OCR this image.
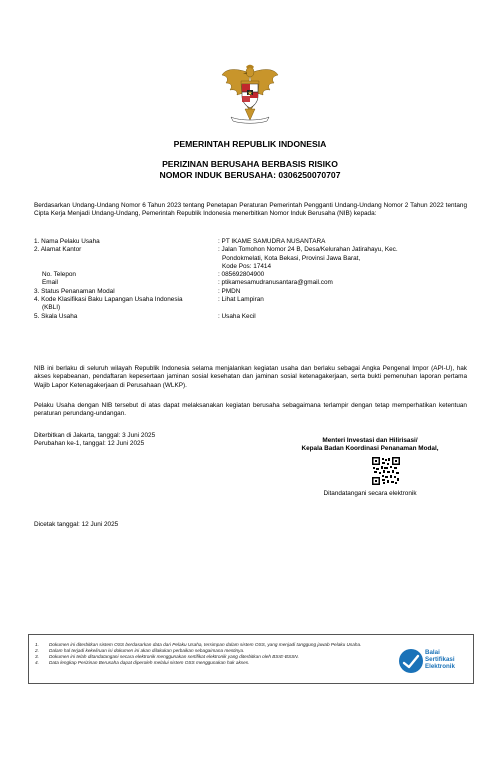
PEMERINTAH REPUBLIK INDONESIA
PERIZINAN BERUSAHA BERBASIS RISIKO
NOMOR INDUK BERUSAHA: 0306250070707
Berdasarkan Undang-Undang Nomor 6 Tahun 2023 tentang Penetapan Peraturan Pemerintah Pengganti Undang-Undang Nomor 2 Tahun 2022 tentang Cipta Kerja Menjadi Undang-Undang, Pemerintah Republik Indonesia menerbitkan Nomor Induk Berusaha (NIB) kepada:
1. Nama Pelaku Usaha	: PT IKAME SAMUDRA NUSANTARA
2. Alamat Kantor	: Jalan Tomohon Nomor 24 B, Desa/Kelurahan Jatirahayu, Kec.
Pondokmelati, Kota Bekasi, Provinsi Jawa Barat,
Kode Pos: 17414
No. Telepon	: 085692804900
Email	: ptikamesamudranusantara@gmail.com
3. Status Penanaman Modal	: PMDN
4. Kode Klasifikasi Baku Lapangan Usaha Indonesia
(KBLI)
: Lihat Lampiran
5. Skala Usaha	: Usaha Kecil
NIB ini berlaku di seluruh wilayah Republik Indonesia selama menjalankan kegiatan usaha dan berlaku sebagai Angka Pengenal Impor (API-U), hak akses kepabeanan, pendaftaran kepesertaan jaminan sosial kesehatan dan jaminan sosial ketenagakerjaan, serta bukti pemenuhan laporan pertama Wajib Lapor Ketenagakerjaan di Perusahaan (WLKP).
Pelaku Usaha dengan NIB tersebut di atas dapat melaksanakan kegiatan berusaha sebagaimana terlampir dengan tetap memperhatikan ketentuan peraturan perundang-undangan.
Diterbitkan di Jakarta, tanggal: 3 Juni 2025
Perubahan ke-1, tanggal: 12 Juni 2025	Menteri Investasi dan Hilirisasi/
Kepala Badan Koordinasi Penanaman Modal,
Ditandatangani secara elektronik
Dicetak tanggal: 12 Juni 2025
1.	Dokumen ini diterbitkan sistem OSS berdasarkan data dari Pelaku Usaha, tersimpan dalam sistem OSS, yang menjadi tanggung jawab Pelaku Usaha.
2.	Dalam hal terjadi kekeliruan isi dokumen ini akan dilakukan perbaikan sebagaimana mestinya.
3.	Dokumen ini telah ditandatangani secara elektronik menggunakan sertifikat elektronik yang diterbitkan oleh BSrE-BSSN.
4.	Data lengkap Perizinan Berusaha dapat diperoleh melalui sistem OSS menggunakan hak akses.
Balai
Sertifikasi
Elektronik
